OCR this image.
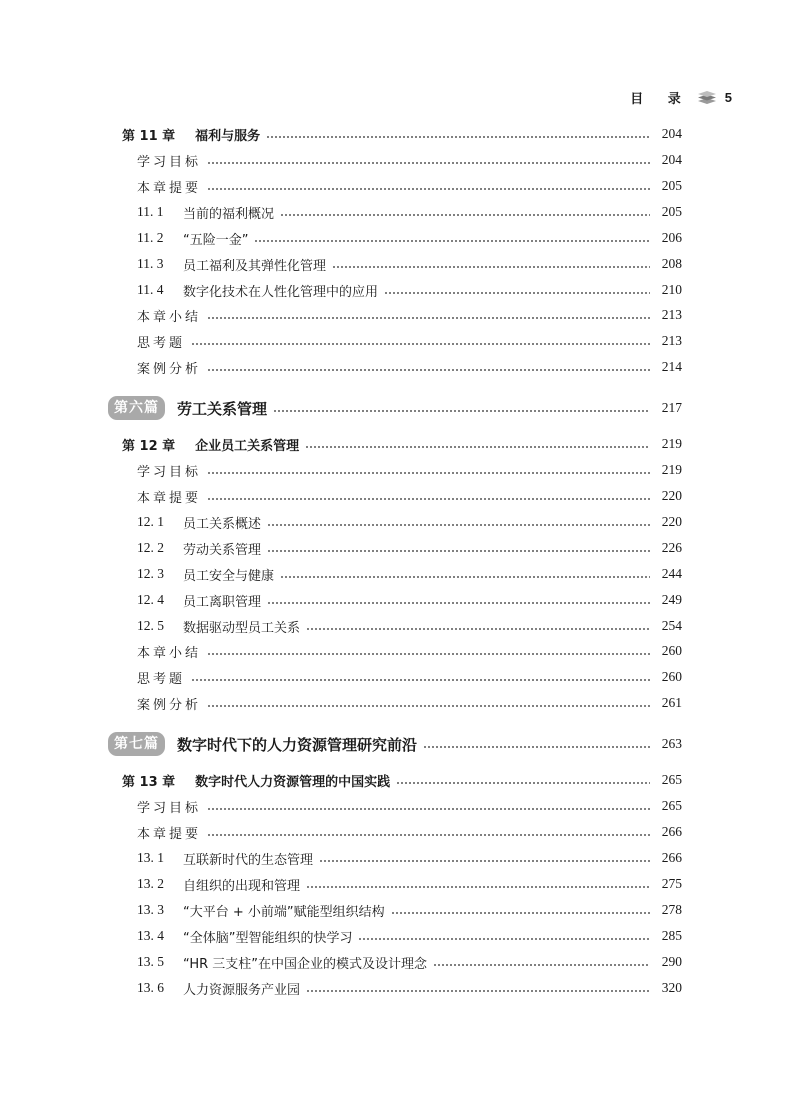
目 录	5
第 11 章 福利与服务	204
学习目标	204
本章提要	205
11. 1	当前的福利概况	205
11. 2	“五险一金”	206
11. 3	员工福利及其弹性化管理	208
11. 4	数字化技术在人性化管理中的应用	210
本章小结	213
思考题	213
案例分析	214
第六篇	劳工关系管理	217
第 12 章 企业员工关系管理	219
学习目标	219
本章提要	220
12. 1	员工关系概述	220
12. 2	劳动关系管理	226
12. 3	员工安全与健康	244
12. 4	员工离职管理	249
12. 5	数据驱动型员工关系	254
本章小结	260
思考题	260
案例分析	261
第七篇	数字时代下的人力资源管理研究前沿	263
第 13 章 数字时代人力资源管理的中国实践	265
学习目标	265
本章提要	266
13. 1	互联新时代的生态管理	266
13. 2	自组织的出现和管理	275
13. 3	“大平台 + 小前端”赋能型组织结构	278
13. 4	“全体脑”型智能组织的快学习	285
13. 5	“HR 三支柱”在中国企业的模式及设计理念	290
13. 6	人力资源服务产业园	320
